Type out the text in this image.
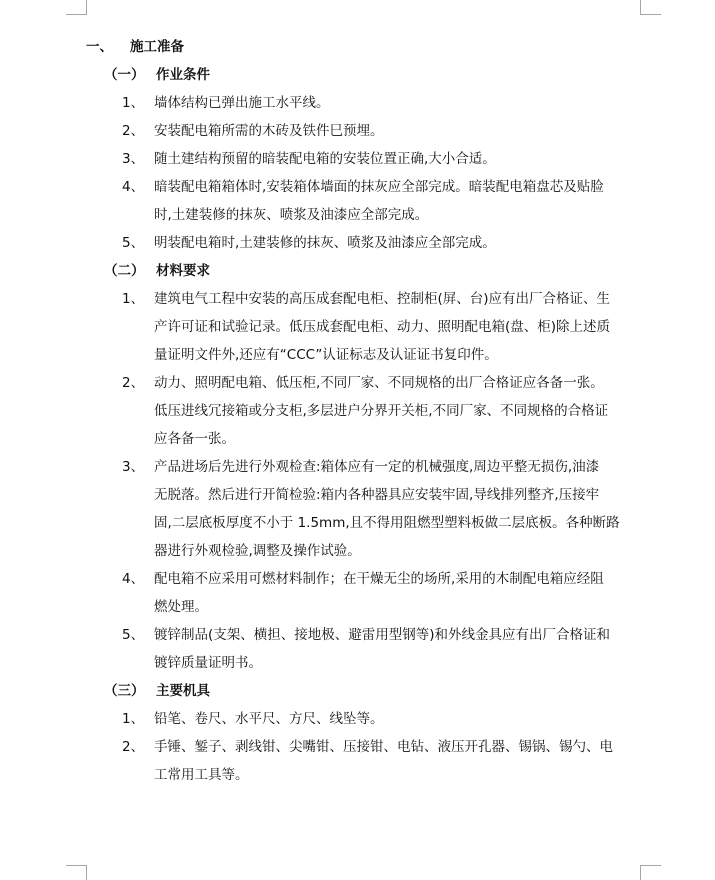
一、 施工准备
（一） 作业条件
1、 墙体结构已弹出施工水平线。
2、 安装配电箱所需的木砖及铁件巳预埋。
3、 随土建结构预留的暗装配电箱的安装位置正确,大小合适。
4、 暗装配电箱箱体时,安装箱体墙面的抹灰应全部完成。暗装配电箱盘芯及贴脸
时,土建装修的抹灰、喷浆及油漆应全部完成。
5、 明装配电箱时,土建装修的抹灰、喷浆及油漆应全部完成。
（二） 材料要求
1、 建筑电气工程中安装的高压成套配电柜、控制柜(屏、台)应有出厂合格证、生
产许可证和试验记录。低压成套配电柜、动力、照明配电箱(盘、柜)除上述质
量证明文件外,还应有“CCC”认证标志及认证证书复印件。
2、 动力、照明配电箱、低压柜,不同厂家、不同规格的出厂合格证应各备一张。
低压进线冗接箱或分支柜,多层进户分界开关柜,不同厂家、不同规格的合格证
应各备一张。
3、 产品进场后先进行外观检查:箱体应有一定的机械强度,周边平整无损伤,油漆
无脱落。然后进行开简检验:箱内各种器具应安装牢固,导线排列整齐,压接牢
固,二层底板厚度不小于 1.5mm,且不得用阻燃型塑料板做二层底板。各种断路
器进行外观检验,调整及操作试验。
4、 配电箱不应采用可燃材料制作；在干燥无尘的场所,采用的木制配电箱应经阻
燃处理。
5、 镀锌制品(支架、横担、接地极、避雷用型钢等)和外线金具应有出厂合格证和
镀锌质量证明书。
（三） 主要机具
1、 铅笔、卷尺、水平尺、方尺、线坠等。
2、 手锤、錾子、剥线钳、尖嘴钳、压接钳、电钻、液压开孔器、锡锅、锡勺、电
工常用工具等。
